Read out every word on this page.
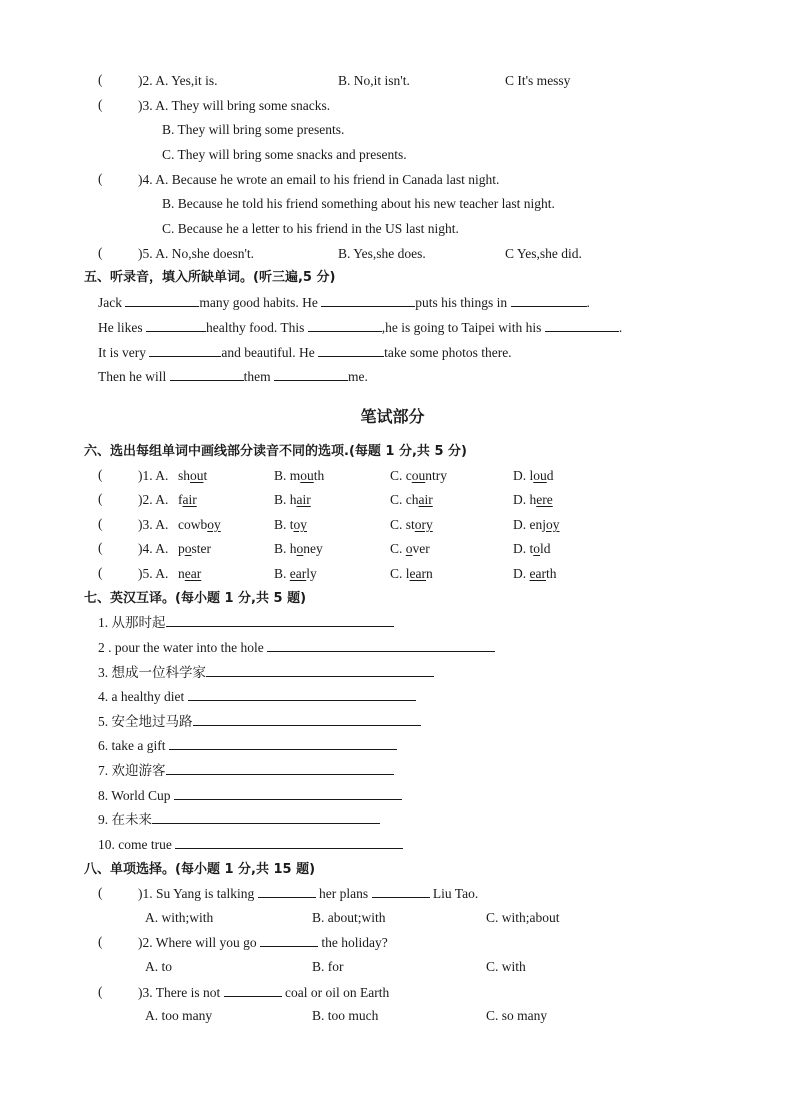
(	)2. A. Yes,it is.	B. No,it isn't.	C It's messy
(	)3. A. They will bring some snacks.
B. They will bring some presents.
C. They will bring some snacks and presents.
(	)4. A. Because he wrote an email to his friend in Canada last night.
B. Because he told his friend something about his new teacher last night.
C. Because he a letter to his friend in the US last night.
(	)5. A. No,she doesn't.	B. Yes,she does.	C Yes,she did.
五、听录音，填入所缺单词。(听三遍,5 分)
Jack	many good habits. He	puts his things in	.
He likes	healthy food. This	,he is going to Taipei with his	.
It is very	and beautiful. He	take some photos there.
Then he will	them	me.
笔试部分
六、选出每组单词中画线部分读音不同的选项.(每题 1 分,共 5 分)
(	)1. A. shout	B. mouth	C. country	D. loud
(	)2. A. fair	B. hair	C. chair	D. here
(	)3. A. cowboy	B. toy	C. story	D. enjoy
(	)4. A. poster	B. honey	C. over	D. told
(	)5. A. near	B. early	C. learn	D. earth
七、英汉互译。(每小题 1 分,共 5 题)
1. 从那时起
2 . pour the water into the hole
3. 想成一位科学家
4. a healthy diet
5. 安全地过马路
6. take a gift
7. 欢迎游客
8. World Cup
9. 在未来
10. come true
八、单项选择。(每小题 1 分,共 15 题)
(	)1. Su Yang is talking	her plans	Liu Tao.
A. with;with	B. about;with	C. with;about
(	)2. Where will you go	the holiday?
A. to	B. for	C. with
(	)3. There is not	coal or oil on Earth
A. too many	B. too much	C. so many
